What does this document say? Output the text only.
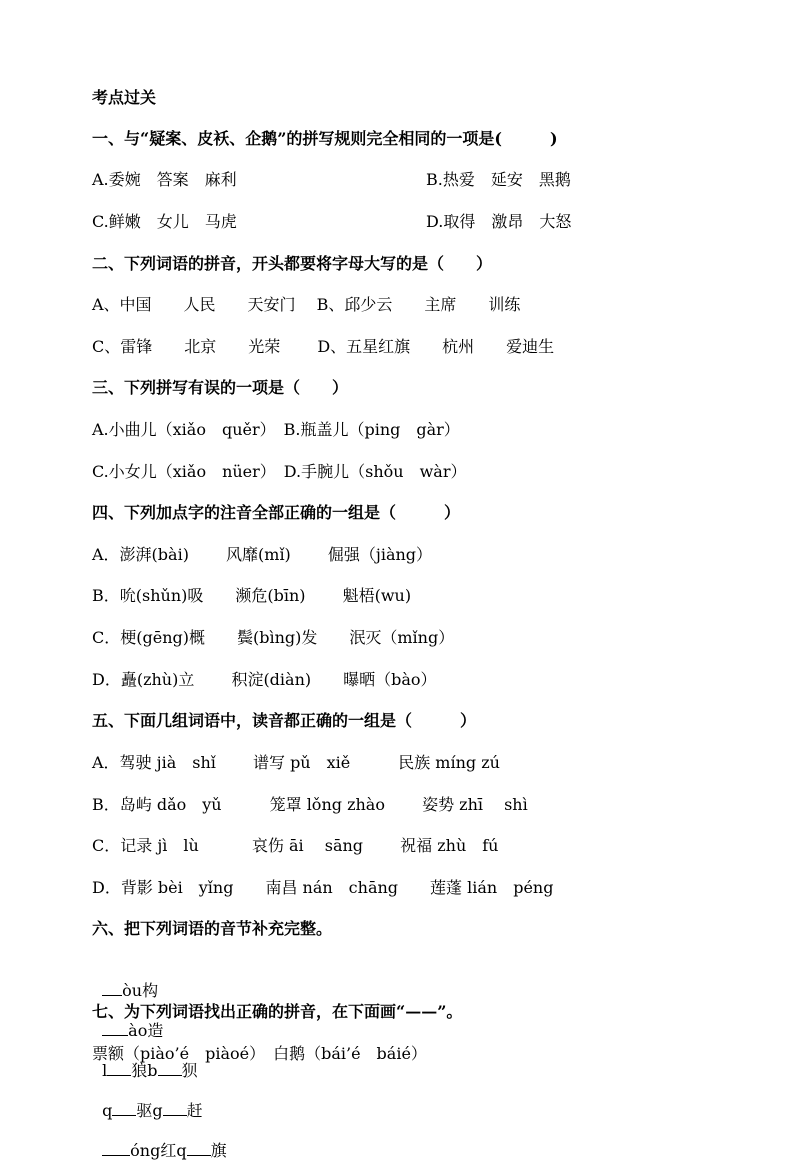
考点过关
一、与“疑案、皮袄、企鹅”的拼写规则完全相同的一项是(　　　)
A.委婉　答案　麻利	B.热爱　延安　黑鹅
C.鲜嫩　女儿　马虎	D.取得　激昂　大怒
二、下列词语的拼音，开头都要将字母大写的是（　　）
A、中国　　人民　　天安门　 B、邱少云　　主席　　训练
C、雷锋　　北京　　光荣　　 D、五星红旗　　杭州　　爱迪生
三、下列拼写有误的一项是（　　）
A.小曲儿（xiǎo　quěr）　B.瓶盖儿（ping　gàr）
C.小女儿（xiǎo　nüer）　D.手腕儿（shǒu　wàr）
四、下列加点字的注音全部正确的一组是（　　　）
A．澎湃(bài)　　 风靡(mǐ)　　 倔强（jiàng）
B．吮(shǔn)吸　　濒危(bīn)　　 魁梧(wu)
C．梗(gēng)概　　鬓(bìng)发　　泯灭（mǐng）
D．矗(zhù)立　　 积淀(diàn)　　曝晒（bào）
五、下面几组词语中，读音都正确的一组是（　　　）
A．驾驶 jià　shǐ　　 谱写 pǔ　xiě　　　民族 míng zú
B．岛屿 dǎo　yǔ　　　笼罩 lǒng zhào　　 姿势 zhī　 shì
C．记录 jì　lù　　　 哀伤 āi　 sāng　　 祝福 zhù　fú
D．背影 bèi　yǐng　　南昌 nán　chāng　　莲蓬 lián　péng
六、把下列词语的音节补充完整。

òu构

ào造

l 狼b 狈

q 驱g 赶

óng红q 旗

七、为下列词语找出正确的拼音，在下面画“——”。
票额（piào’é　piàoé）　白鹅（bái’é　báié）
